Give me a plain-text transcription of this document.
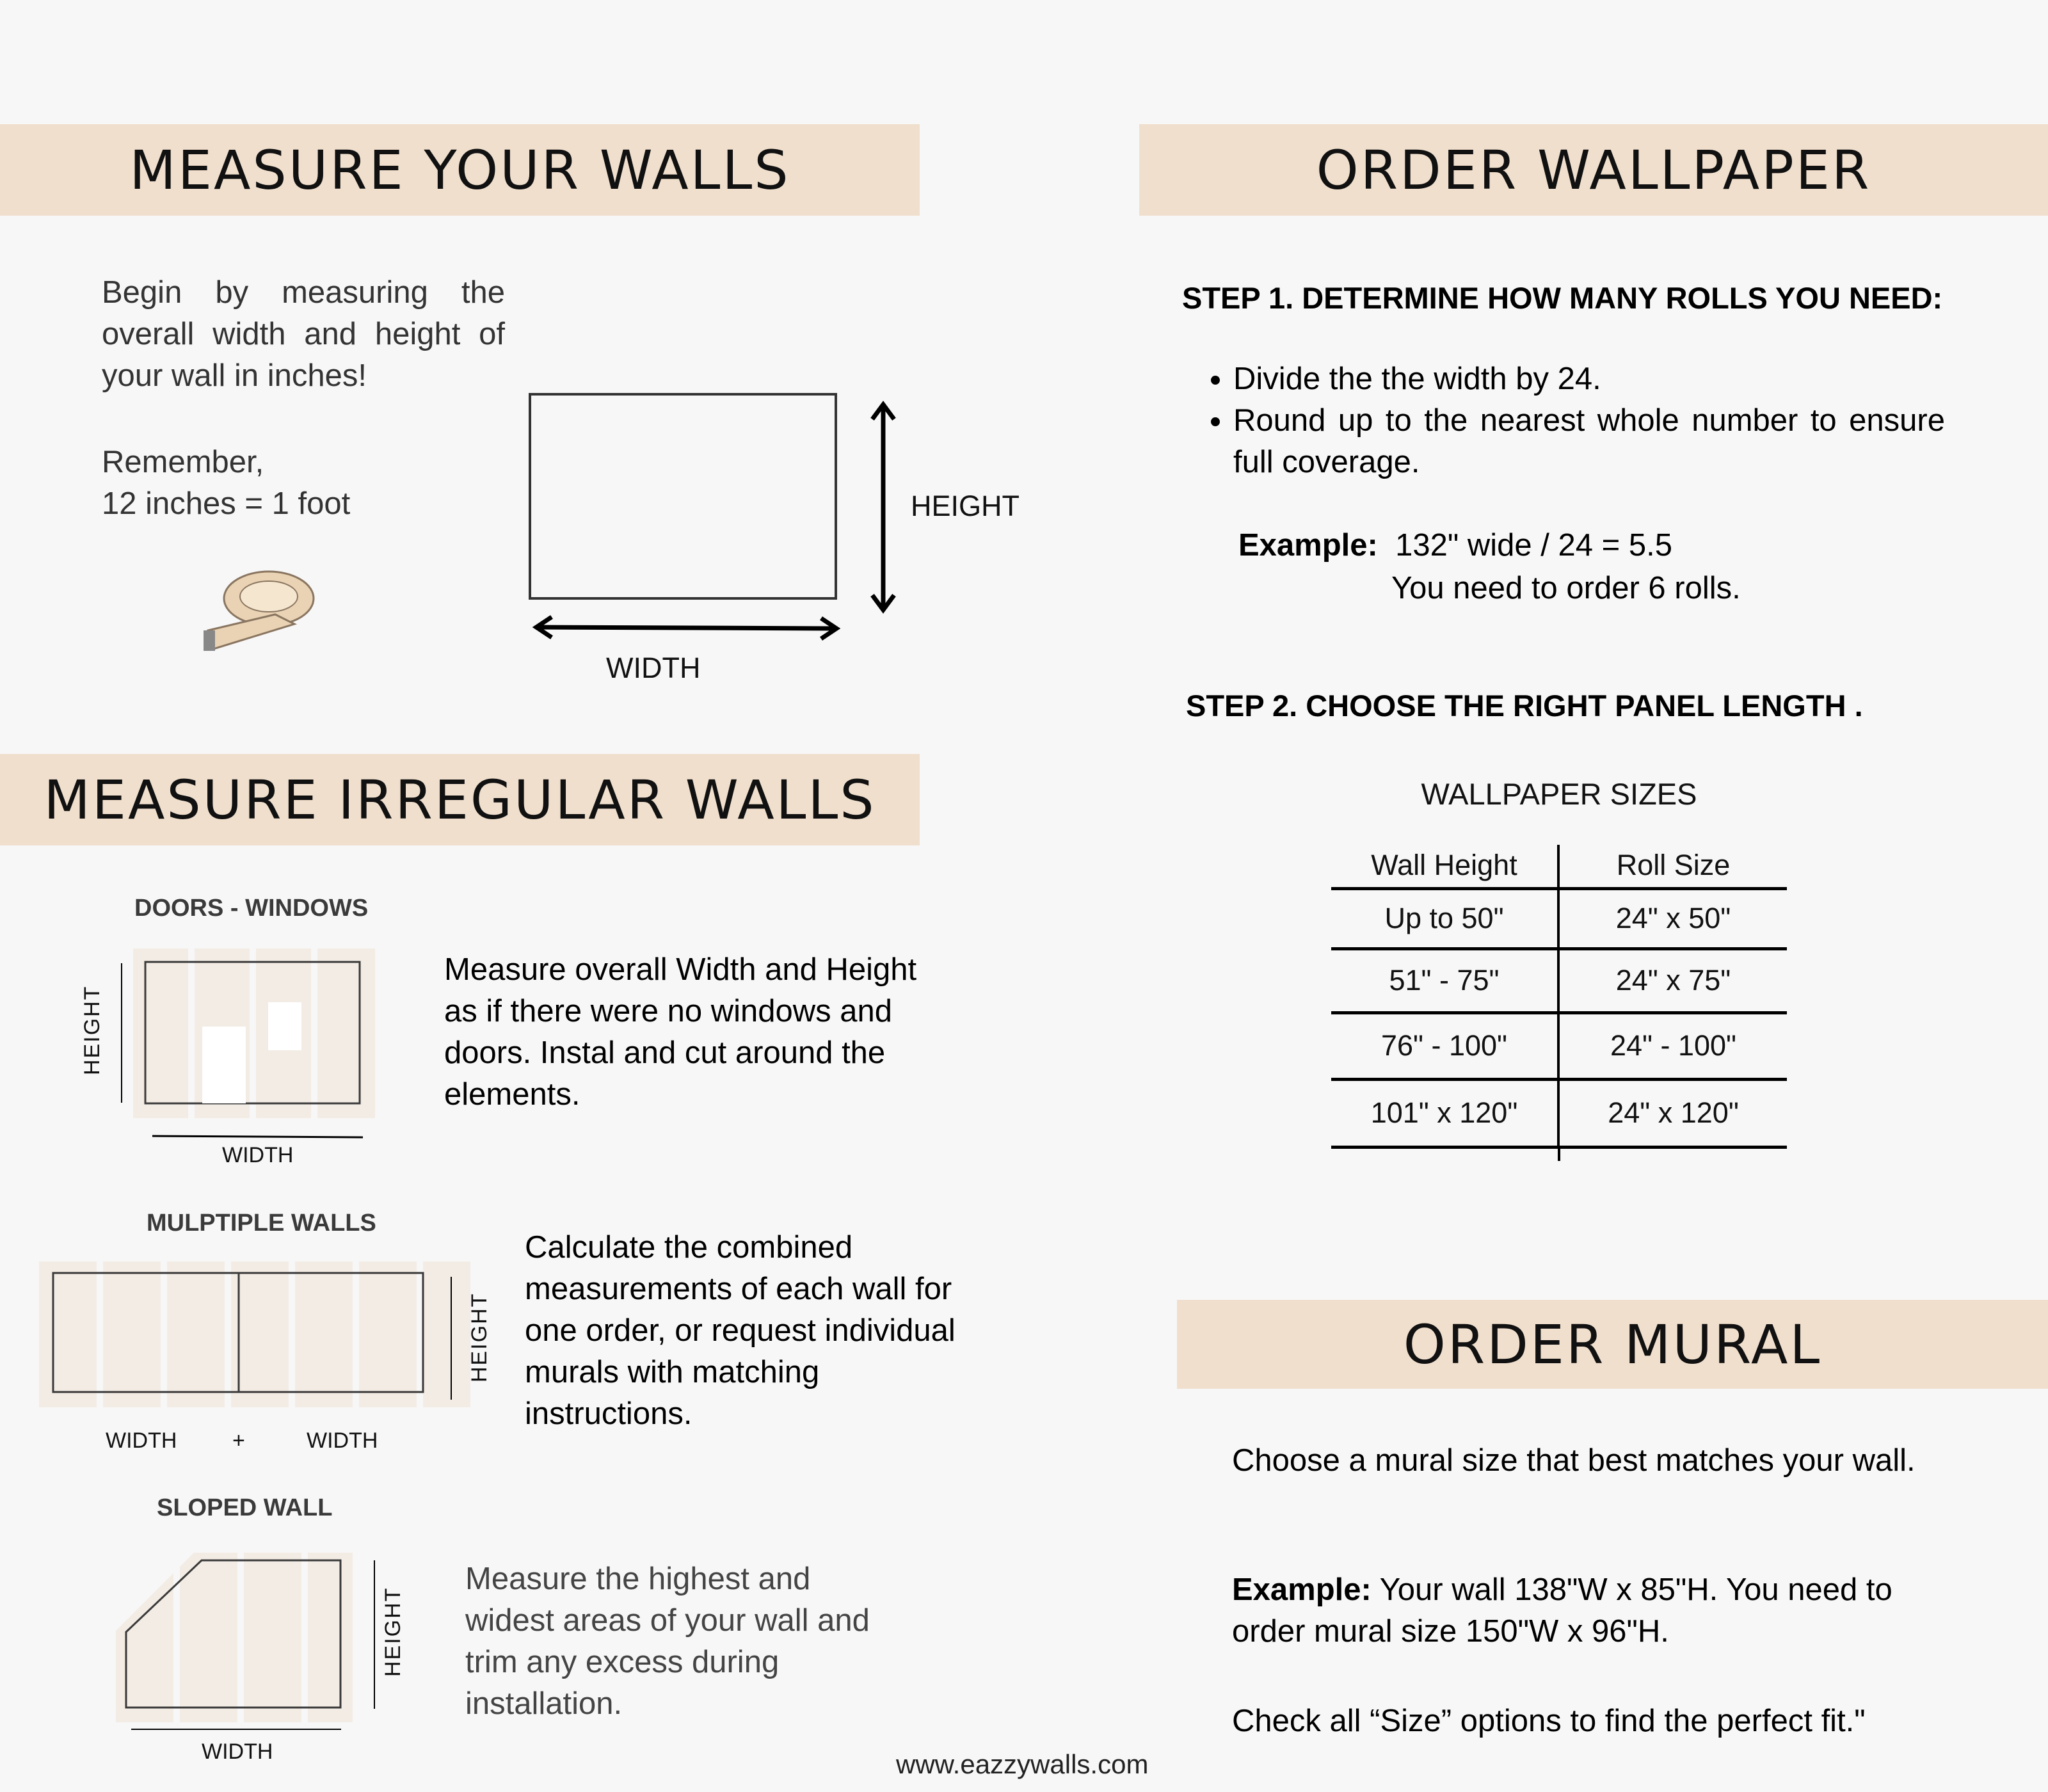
MEASURE YOUR WALLS
Begin by measuring the overall width and height of your wall in inches!
Remember,
12 inches = 1 foot	HEIGHT
WIDTH
MEASURE IRREGULAR WALLS
DOORS - WINDOWS
HEIGHT
WIDTH
Measure overall Width and Height as if there were no windows and doors. Instal and cut around the elements.
MULPTIPLE WALLS
HEIGHT
WIDTH	+	WIDTH
Calculate the combined measurements of each wall for one order, or request individual murals with matching instructions.
SLOPED WALL
HEIGHT
WIDTH
Measure the highest and widest areas of your wall and trim any excess during installation.
ORDER WALLPAPER
STEP 1. DETERMINE HOW MANY ROLLS YOU NEED:
• Divide the the width by 24.
• Round up to the nearest whole number to ensure full coverage.
Example: 132" wide / 24 = 5.5
You need to order 6 rolls.
STEP 2. CHOOSE THE RIGHT PANEL LENGTH .
WALLPAPER SIZES
Wall Height	Roll Size
Up to 50"	24" x 50"
51" - 75"	24" x 75"
76" - 100"	24" - 100"
101" x 120"	24" x 120"
ORDER MURAL
Choose a mural size that best matches your wall.
Example: Your wall 138"W x 85"H. You need to order mural size 150"W x 96"H.
Check all “Size” options to find the perfect fit."
www.eazzywalls.com
